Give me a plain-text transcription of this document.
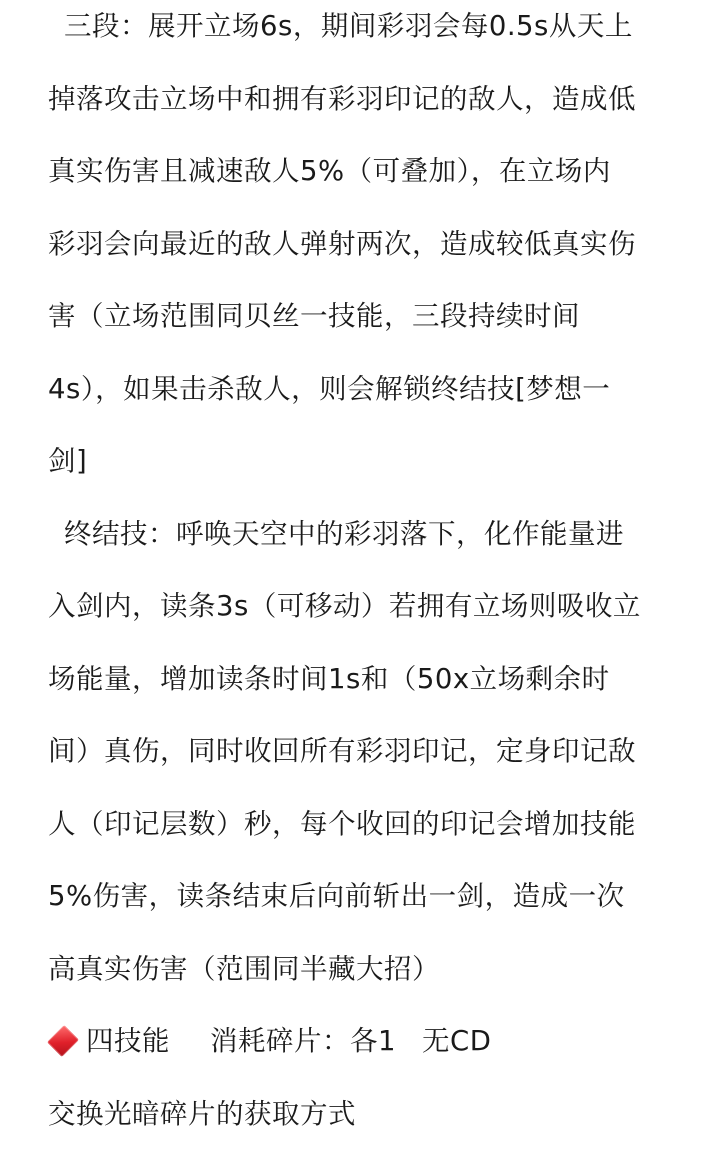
三段：展开立场6s，期间彩羽会每0.5s从天上
掉落攻击立场中和拥有彩羽印记的敌人，造成低
真实伤害且减速敌人5%（可叠加），在立场内
彩羽会向最近的敌人弹射两次，造成较低真实伤
害（立场范围同贝丝一技能，三段持续时间
4s），如果击杀敌人，则会解锁终结技[梦想一
剑]
终结技：呼唤天空中的彩羽落下，化作能量进
入剑内，读条3s（可移动）若拥有立场则吸收立
场能量，增加读条时间1s和（50x立场剩余时
间）真伤，同时收回所有彩羽印记，定身印记敌
人（印记层数）秒，每个收回的印记会增加技能
5%伤害，读条结束后向前斩出一剑，造成一次
高真实伤害（范围同半藏大招）
四技能 消耗碎片：各1 无CD
交换光暗碎片的获取方式
